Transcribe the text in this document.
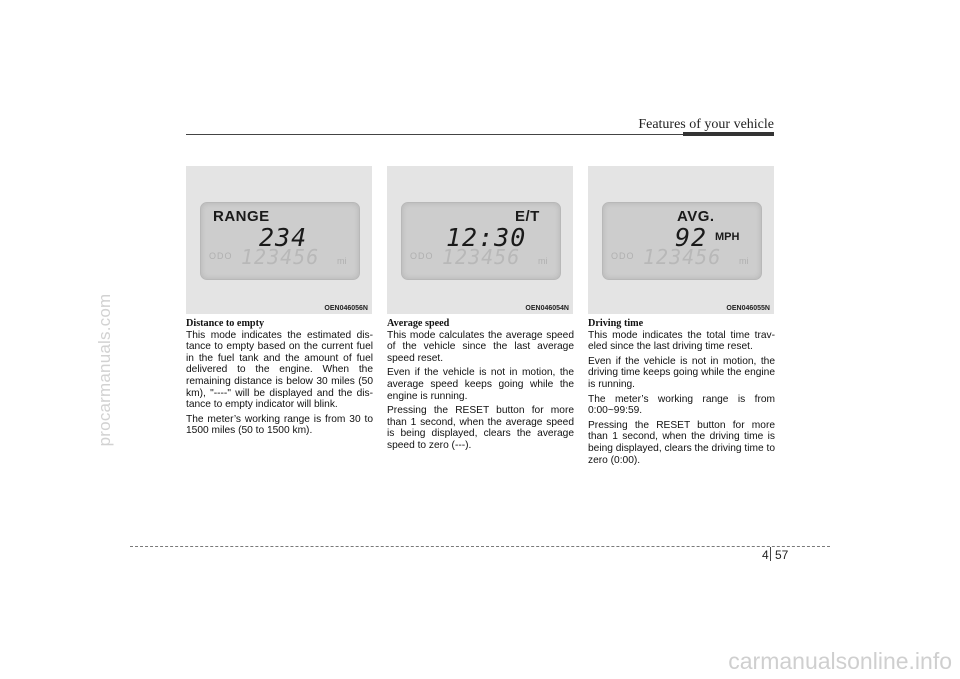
procarmanuals.com
Features of your vehicle
RANGE
234
ODO 123456 mi
OEN046056N
E/T
12:30
ODO 123456 mi
OEN046054N
AVG.
92 MPH
ODO 123456 mi
OEN046055N
Distance to empty

This mode indicates the estimated dis-tance to empty based on the current fuel in the fuel tank and the amount of fuel delivered to the engine. When the remaining distance is below 30 miles (50 km), "----" will be displayed and the dis-tance to empty indicator will blink.

The meter’s working range is from 30 to 1500 miles (50 to 1500 km).

Average speed

This mode calculates the average speed of the vehicle since the last average speed reset.

Even if the vehicle is not in motion, the average speed keeps going while the engine is running.

Pressing the RESET button for more than 1 second, when the average speed is being displayed, clears the average speed to zero (---).

Driving time

This mode indicates the total time trav-eled since the last driving time reset.

Even if the vehicle is not in motion, the driving time keeps going while the engine is running.

The meter’s working range is from 0:00~99:59.

Pressing the RESET button for more than 1 second, when the driving time is being displayed, clears the driving time to zero (0:00).

4 57
carmanualsonline.info
